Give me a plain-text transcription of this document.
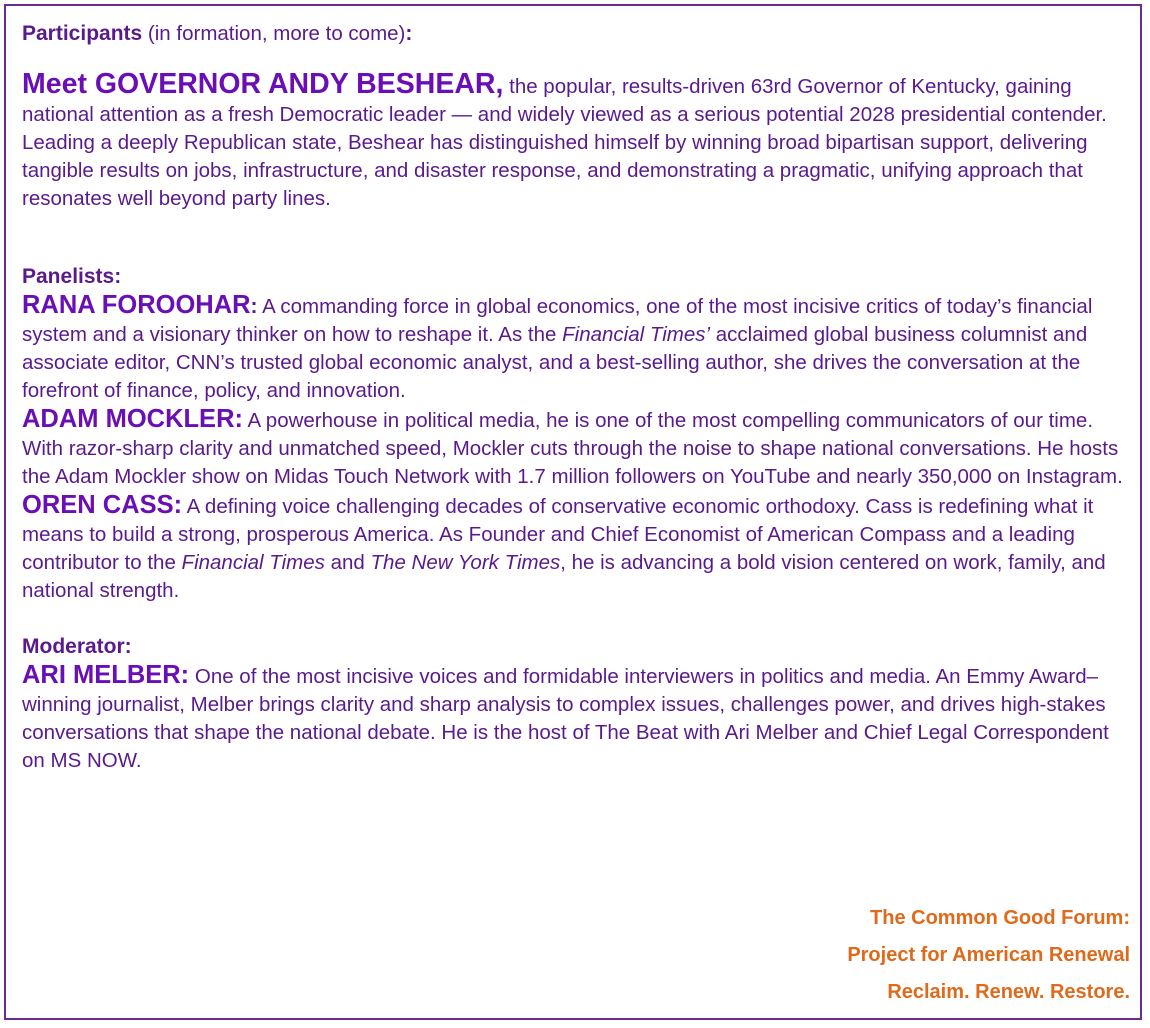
Participants (in formation, more to come):

Meet GOVERNOR ANDY BESHEAR, the popular, results-driven 63rd Governor of Kentucky, gaining national attention as a fresh Democratic leader — and widely viewed as a serious potential 2028 presidential contender. Leading a deeply Republican state, Beshear has distinguished himself by winning broad bipartisan support, delivering tangible results on jobs, infrastructure, and disaster response, and demonstrating a pragmatic, unifying approach that resonates well beyond party lines.

Panelists:

RANA FOROOHAR: A commanding force in global economics, one of the most incisive critics of today’s financial system and a visionary thinker on how to reshape it. As the Financial Times’ acclaimed global business columnist and associate editor, CNN’s trusted global economic analyst, and a best-selling author, she drives the conversation at the forefront of finance, policy, and innovation.

ADAM MOCKLER: A powerhouse in political media, he is one of the most compelling communicators of our time. With razor-sharp clarity and unmatched speed, Mockler cuts through the noise to shape national conversations. He hosts the Adam Mockler show on Midas Touch Network with 1.7 million followers on YouTube and nearly 350,000 on Instagram.

OREN CASS: A defining voice challenging decades of conservative economic orthodoxy. Cass is redefining what it means to build a strong, prosperous America. As Founder and Chief Economist of American Compass and a leading contributor to the Financial Times and The New York Times, he is advancing a bold vision centered on work, family, and national strength.

Moderator:

ARI MELBER: One of the most incisive voices and formidable interviewers in politics and media. An Emmy Award–winning journalist, Melber brings clarity and sharp analysis to complex issues, challenges power, and drives high-stakes conversations that shape the national debate. He is the host of The Beat with Ari Melber and Chief Legal Correspondent on MS NOW.

The Common Good Forum:
Project for American Renewal
Reclaim. Renew. Restore.
